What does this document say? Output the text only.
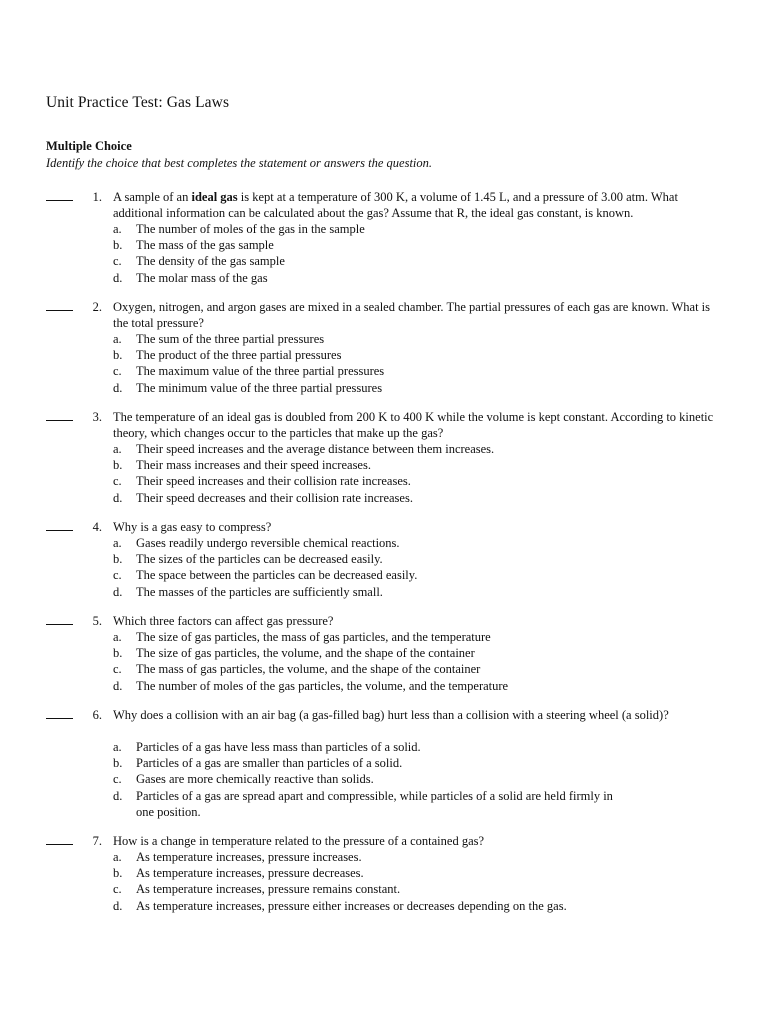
Unit Practice Test: Gas Laws
Multiple Choice
Identify the choice that best completes the statement or answers the question.
1. A sample of an ideal gas is kept at a temperature of 300 K, a volume of 1.45 L, and a pressure of 3.00 atm. What additional information can be calculated about the gas? Assume that R, the ideal gas constant, is known.
a. The number of moles of the gas in the sample
b. The mass of the gas sample
c. The density of the gas sample
d. The molar mass of the gas
2. Oxygen, nitrogen, and argon gases are mixed in a sealed chamber. The partial pressures of each gas are known. What is the total pressure?
a. The sum of the three partial pressures
b. The product of the three partial pressures
c. The maximum value of the three partial pressures
d. The minimum value of the three partial pressures
3. The temperature of an ideal gas is doubled from 200 K to 400 K while the volume is kept constant. According to kinetic theory, which changes occur to the particles that make up the gas?
a. Their speed increases and the average distance between them increases.
b. Their mass increases and their speed increases.
c. Their speed increases and their collision rate increases.
d. Their speed decreases and their collision rate increases.
4. Why is a gas easy to compress?
a. Gases readily undergo reversible chemical reactions.
b. The sizes of the particles can be decreased easily.
c. The space between the particles can be decreased easily.
d. The masses of the particles are sufficiently small.
5. Which three factors can affect gas pressure?
a. The size of gas particles, the mass of gas particles, and the temperature
b. The size of gas particles, the volume, and the shape of the container
c. The mass of gas particles, the volume, and the shape of the container
d. The number of moles of the gas particles, the volume, and the temperature
6. Why does a collision with an air bag (a gas-filled bag) hurt less than a collision with a steering wheel (a solid)?
a. Particles of a gas have less mass than particles of a solid.
b. Particles of a gas are smaller than particles of a solid.
c. Gases are more chemically reactive than solids.
d. Particles of a gas are spread apart and compressible, while particles of a solid are held firmly in one position.
7. How is a change in temperature related to the pressure of a contained gas?
a. As temperature increases, pressure increases.
b. As temperature increases, pressure decreases.
c. As temperature increases, pressure remains constant.
d. As temperature increases, pressure either increases or decreases depending on the gas.
